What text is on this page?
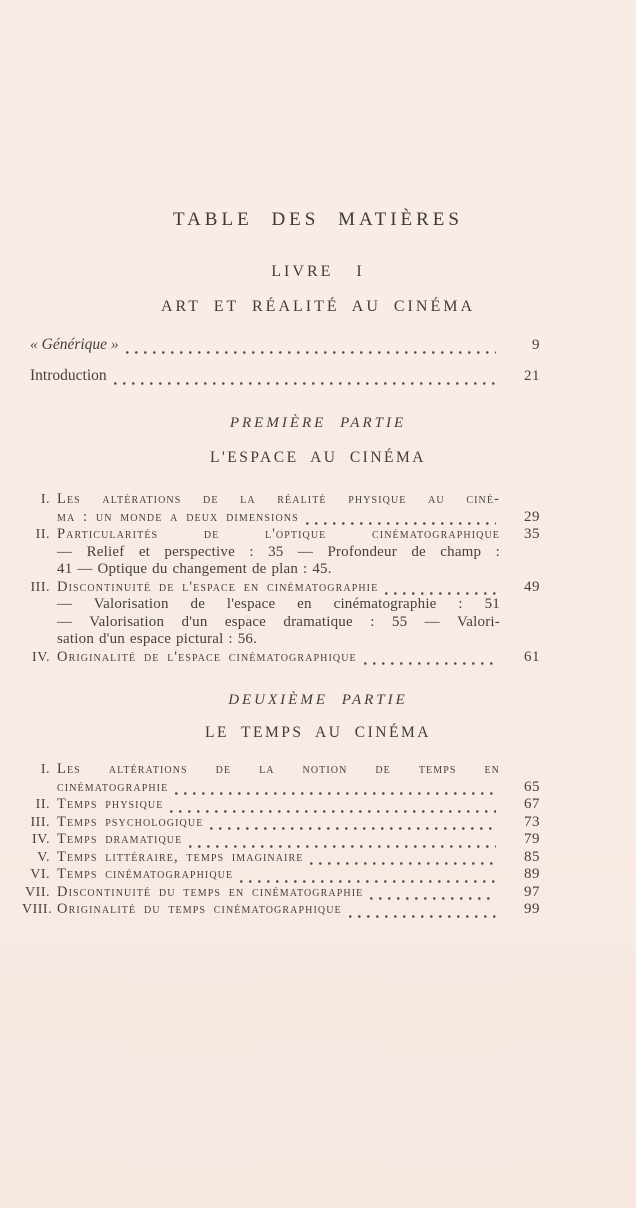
TABLE DES MATIÈRES
LIVRE I
ART ET RÉALITÉ AU CINÉMA
« Générique »	9
Introduction	21
PREMIÈRE PARTIE
L'ESPACE AU CINÉMA
I. Les altérations de la réalité physique au ciné-
ma : un monde a deux dimensions	29
II. Particularités de l'optique cinématographique	35
— Relief et perspective : 35 — Profondeur de champ :
41 — Optique du changement de plan : 45.
III. Discontinuité de l'espace en cinématographie	49
— Valorisation de l'espace en cinématographie : 51
— Valorisation d'un espace dramatique : 55 — Valori-
sation d'un espace pictural : 56.
IV. Originalité de l'espace cinématographique	61
DEUXIÈME PARTIE
LE TEMPS AU CINÉMA
I. Les altérations de la notion de temps en
cinématographie	65
II. Temps physique	67
III. Temps psychologique	73
IV. Temps dramatique	79
V. Temps littéraire, temps imaginaire	85
VI. Temps cinématographique	89
VII. Discontinuité du temps en cinématographie	97
VIII. Originalité du temps cinématographique	99
